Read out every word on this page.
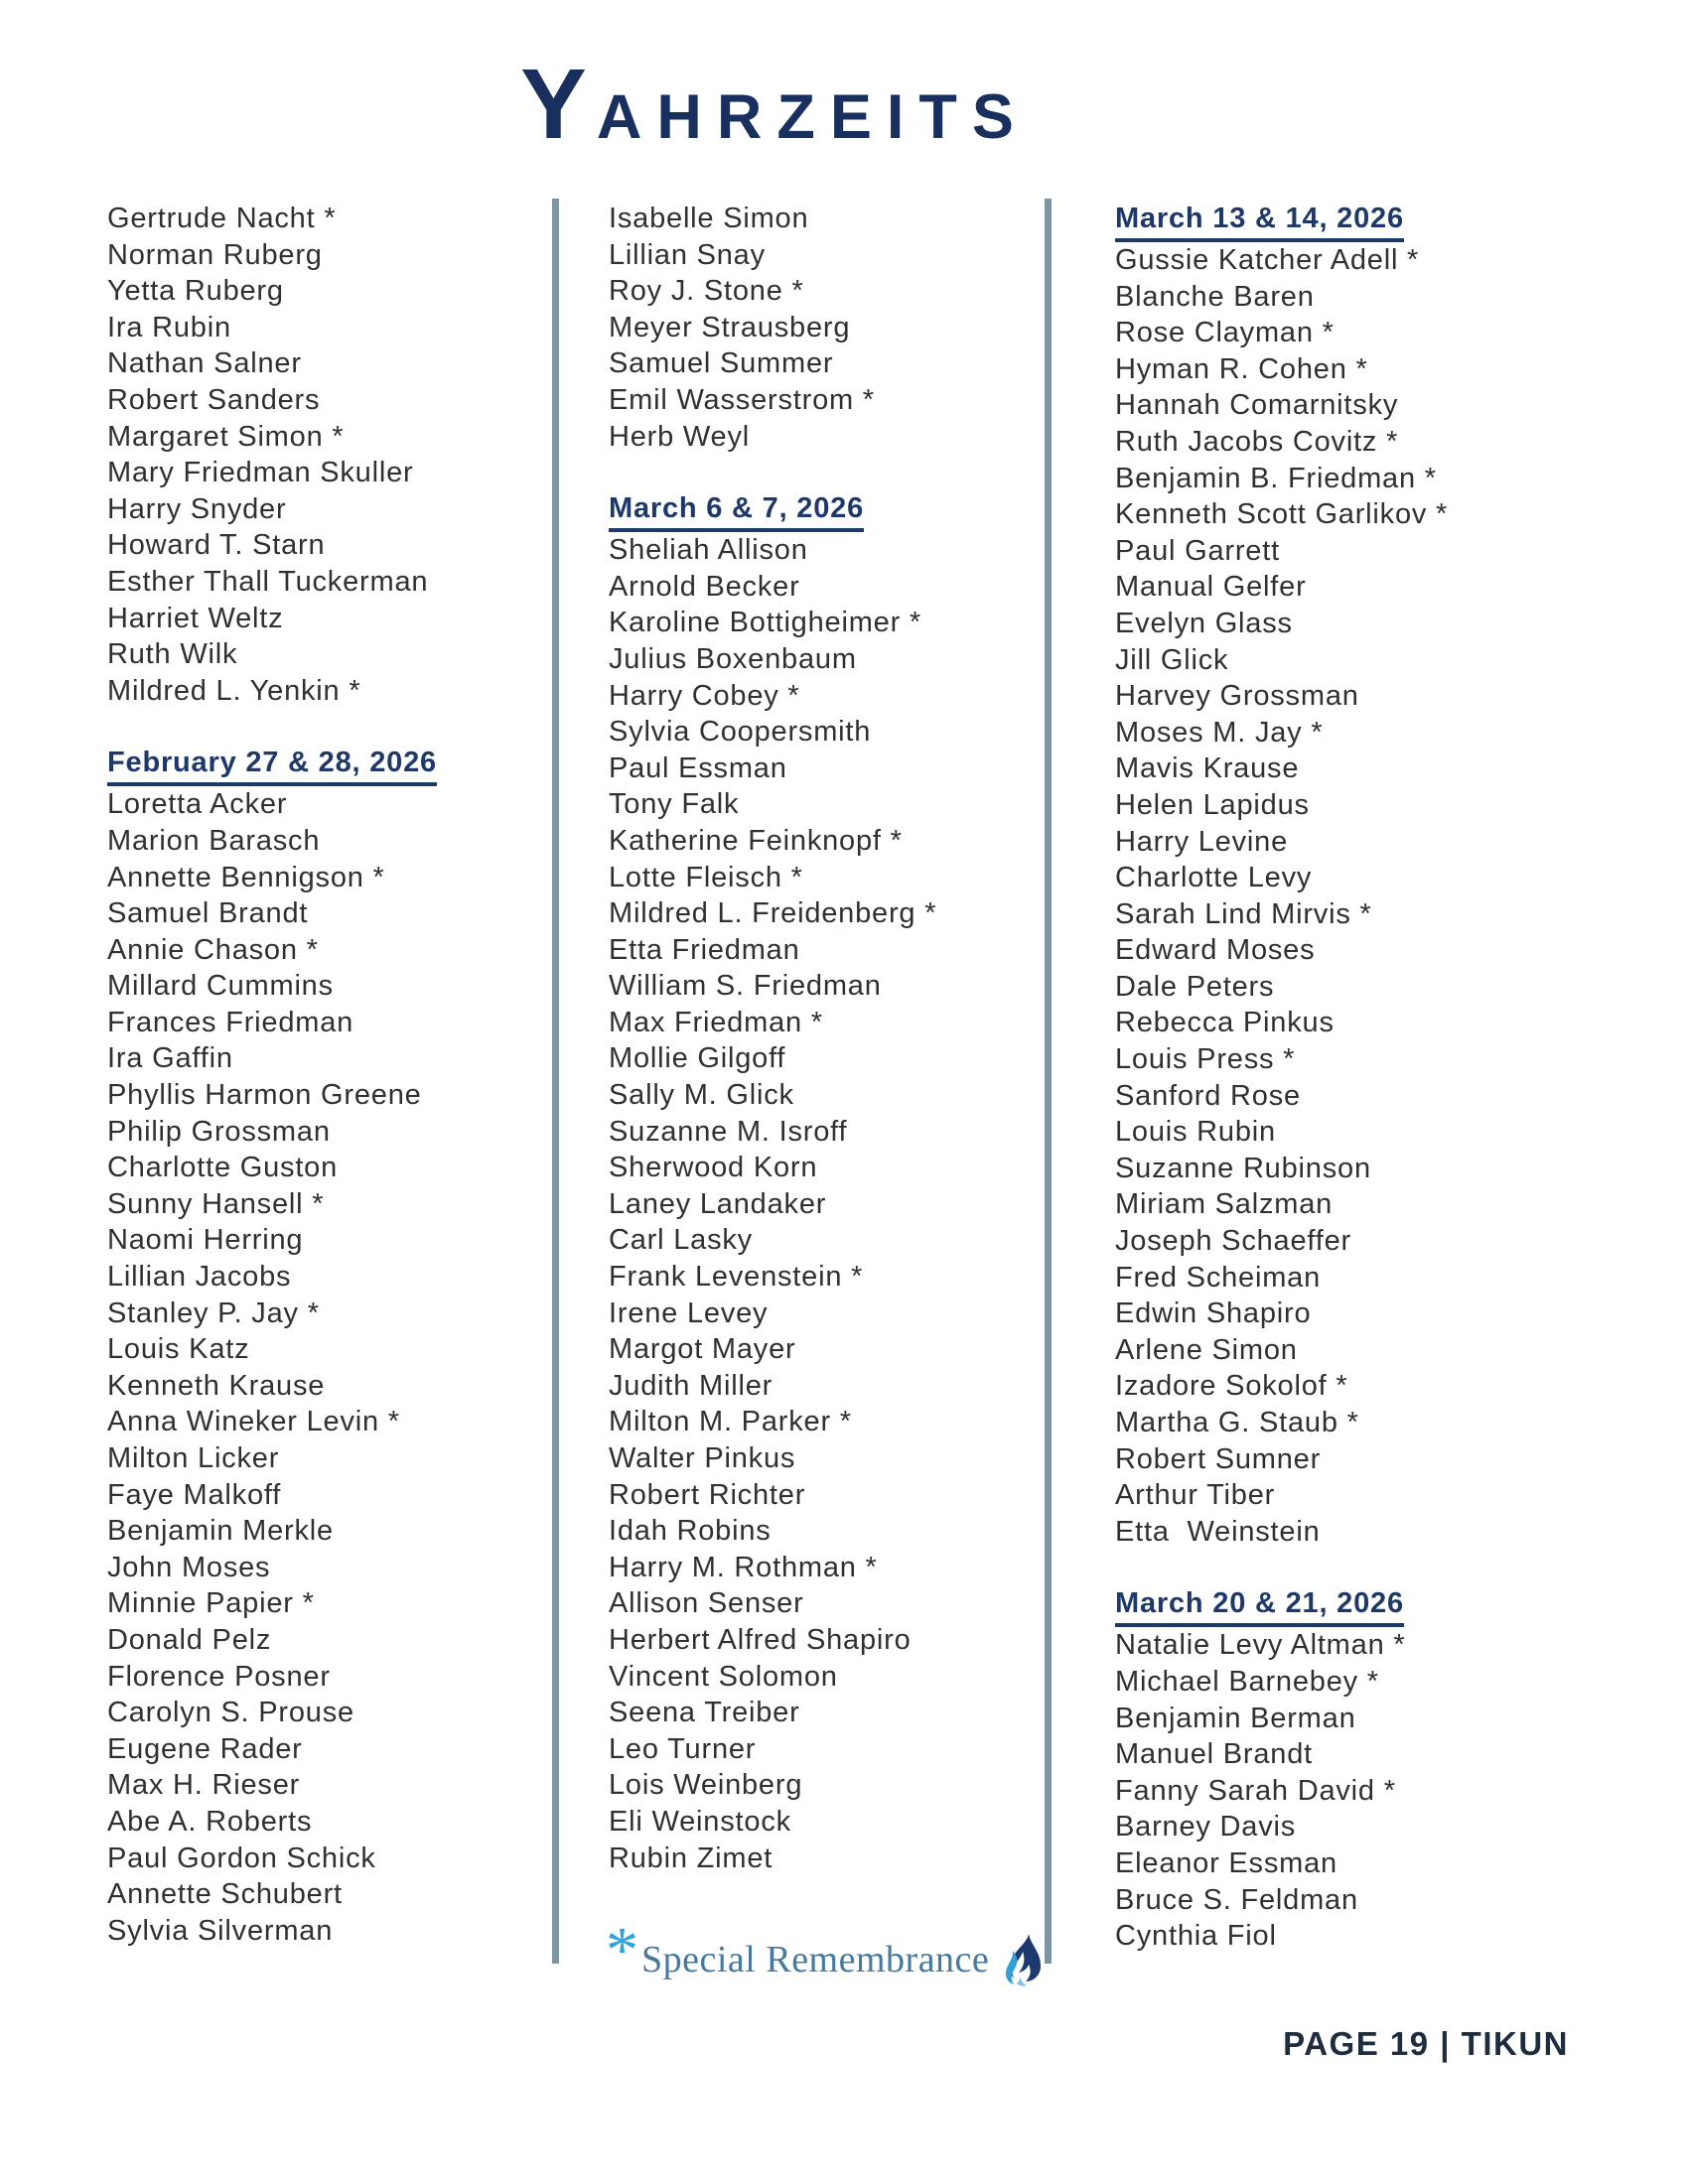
YAHRZEITS
Gertrude Nacht *
Norman Ruberg
Yetta Ruberg
Ira Rubin
Nathan Salner
Robert Sanders
Margaret Simon *
Mary Friedman Skuller
Harry Snyder
Howard T. Starn
Esther Thall Tuckerman
Harriet Weltz
Ruth Wilk
Mildred L. Yenkin *
February 27 & 28, 2026
Loretta Acker
Marion Barasch
Annette Bennigson *
Samuel Brandt
Annie Chason *
Millard Cummins
Frances Friedman
Ira Gaffin
Phyllis Harmon Greene
Philip Grossman
Charlotte Guston
Sunny Hansell *
Naomi Herring
Lillian Jacobs
Stanley P. Jay *
Louis Katz
Kenneth Krause
Anna Wineker Levin *
Milton Licker
Faye Malkoff
Benjamin Merkle
John Moses
Minnie Papier *
Donald Pelz
Florence Posner
Carolyn S. Prouse
Eugene Rader
Max H. Rieser
Abe A. Roberts
Paul Gordon Schick
Annette Schubert
Sylvia Silverman
Isabelle Simon
Lillian Snay
Roy J. Stone *
Meyer Strausberg
Samuel Summer
Emil Wasserstrom *
Herb Weyl
March 6 & 7, 2026
Sheliah Allison
Arnold Becker
Karoline Bottigheimer *
Julius Boxenbaum
Harry Cobey *
Sylvia Coopersmith
Paul Essman
Tony Falk
Katherine Feinknopf *
Lotte Fleisch *
Mildred L. Freidenberg *
Etta Friedman
William S. Friedman
Max Friedman *
Mollie Gilgoff
Sally M. Glick
Suzanne M. Isroff
Sherwood Korn
Laney Landaker
Carl Lasky
Frank Levenstein *
Irene Levey
Margot Mayer
Judith Miller
Milton M. Parker *
Walter Pinkus
Robert Richter
Idah Robins
Harry M. Rothman *
Allison Senser
Herbert Alfred Shapiro
Vincent Solomon
Seena Treiber
Leo Turner
Lois Weinberg
Eli Weinstock
Rubin Zimet
March 13 & 14, 2026
Gussie Katcher Adell *
Blanche Baren
Rose Clayman *
Hyman R. Cohen *
Hannah Comarnitsky
Ruth Jacobs Covitz *
Benjamin B. Friedman *
Kenneth Scott Garlikov *
Paul Garrett
Manual Gelfer
Evelyn Glass
Jill Glick
Harvey Grossman
Moses M. Jay *
Mavis Krause
Helen Lapidus
Harry Levine
Charlotte Levy
Sarah Lind Mirvis *
Edward Moses
Dale Peters
Rebecca Pinkus
Louis Press *
Sanford Rose
Louis Rubin
Suzanne Rubinson
Miriam Salzman
Joseph Schaeffer
Fred Scheiman
Edwin Shapiro
Arlene Simon
Izadore Sokolof *
Martha G. Staub *
Robert Sumner
Arthur Tiber
Etta  Weinstein
March 20 & 21, 2026
Natalie Levy Altman *
Michael Barnebey *
Benjamin Berman
Manuel Brandt
Fanny Sarah David *
Barney Davis
Eleanor Essman
Bruce S. Feldman
Cynthia Fiol
* Special Remembrance
PAGE 19 | TIKUN
